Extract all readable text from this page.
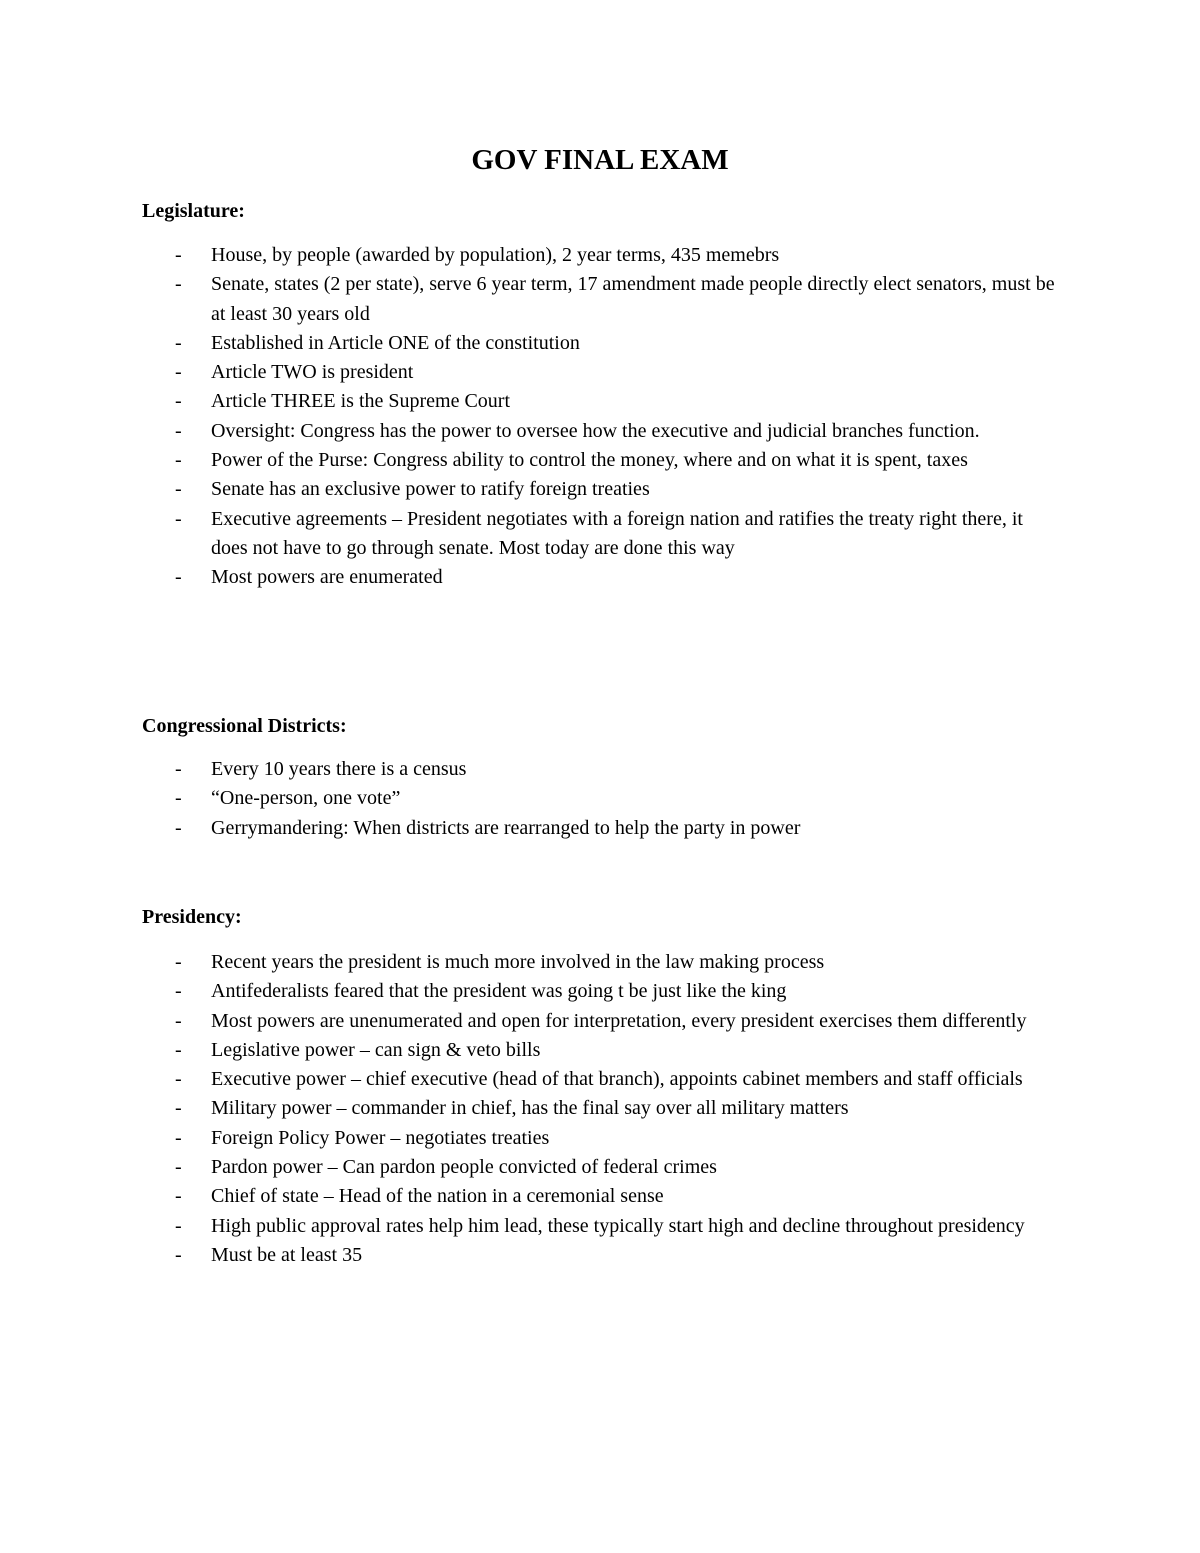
GOV FINAL EXAM
Legislature:
- House, by people (awarded by population), 2 year terms, 435 memebrs
- Senate, states (2 per state), serve 6 year term, 17 amendment made people directly elect senators, must be at least 30 years old
- Established in Article ONE of the constitution
- Article TWO is president
- Article THREE is the Supreme Court
- Oversight: Congress has the power to oversee how the executive and judicial branches function.
- Power of the Purse: Congress ability to control the money, where and on what it is spent, taxes
- Senate has an exclusive power to ratify foreign treaties
- Executive agreements – President negotiates with a foreign nation and ratifies the treaty right there, it does not have to go through senate. Most today are done this way
- Most powers are enumerated
Congressional Districts:
- Every 10 years there is a census
- “One-person, one vote”
- Gerrymandering: When districts are rearranged to help the party in power
Presidency:
- Recent years the president is much more involved in the law making process
- Antifederalists feared that the president was going t be just like the king
- Most powers are unenumerated and open for interpretation, every president exercises them differently
- Legislative power – can sign & veto bills
- Executive power – chief executive (head of that branch), appoints cabinet members and staff officials
- Military power – commander in chief, has the final say over all military matters
- Foreign Policy Power – negotiates treaties
- Pardon power – Can pardon people convicted of federal crimes
- Chief of state – Head of the nation in a ceremonial sense
- High public approval rates help him lead, these typically start high and decline throughout presidency
- Must be at least 35
